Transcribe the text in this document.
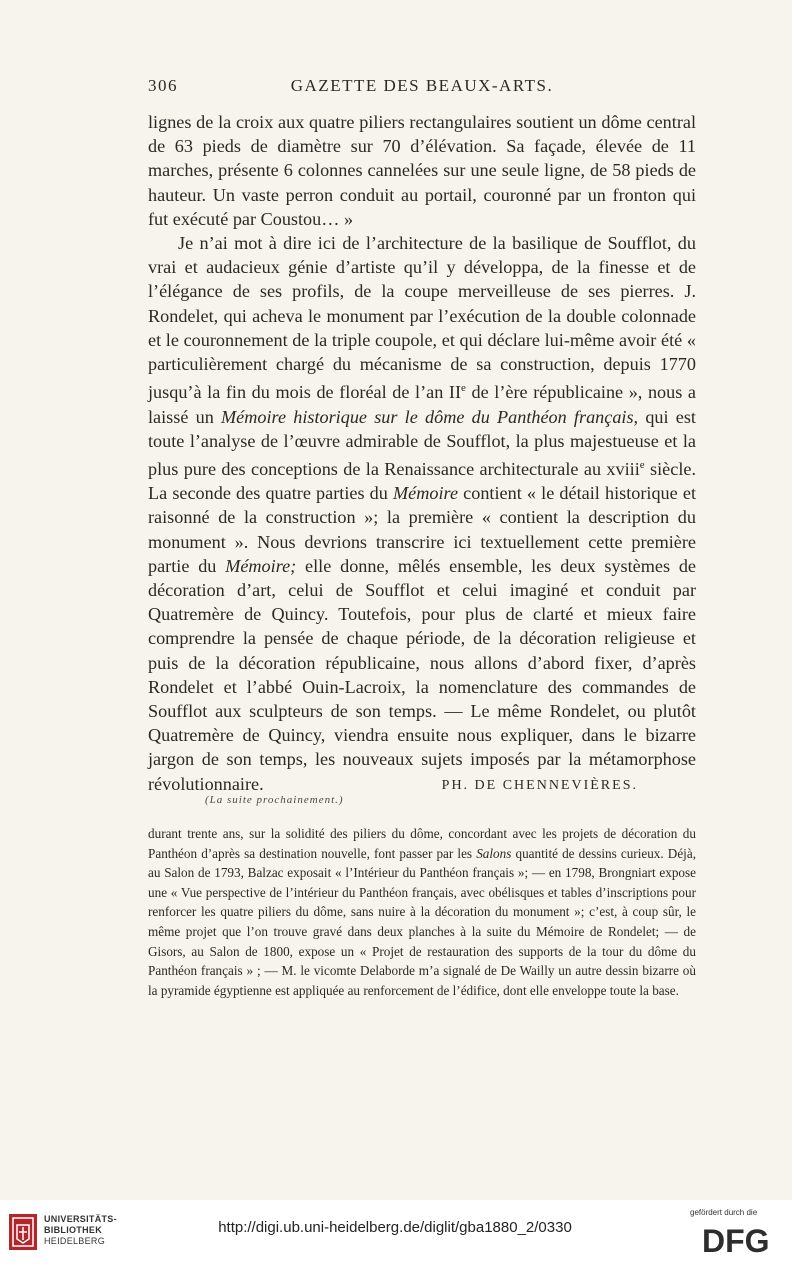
306	GAZETTE DES BEAUX-ARTS.

lignes de la croix aux quatre piliers rectangulaires soutient un dôme central de 63 pieds de diamètre sur 70 d’élévation. Sa façade, élevée de 11 marches, présente 6 colonnes cannelées sur une seule ligne, de 58 pieds de hauteur. Un vaste perron conduit au portail, couronné par un fronton qui fut exécuté par Coustou… »

Je n’ai mot à dire ici de l’architecture de la basilique de Soufflot, du vrai et audacieux génie d’artiste qu’il y développa, de la finesse et de l’élégance de ses profils, de la coupe merveilleuse de ses pierres. J. Rondelet, qui acheva le monument par l’exécution de la double colonnade et le couronnement de la triple coupole, et qui déclare lui-même avoir été « particulièrement chargé du mécanisme de sa construction, depuis 1770 jusqu’à la fin du mois de floréal de l’an IIe de l’ère républicaine », nous a laissé un Mémoire historique sur le dôme du Panthéon français, qui est toute l’analyse de l’œuvre admirable de Soufflot, la plus majestueuse et la plus pure des conceptions de la Renaissance architecturale au xviii$^e$ siècle. La seconde des quatre parties du Mémoire contient « le détail historique et raisonné de la construction »; la première « contient la description du monument ». Nous devrions transcrire ici textuellement cette première partie du Mémoire; elle donne, mêlés ensemble, les deux systèmes de décoration d’art, celui de Soufflot et celui imaginé et conduit par Quatremère de Quincy. Toutefois, pour plus de clarté et mieux faire comprendre la pensée de chaque période, de la décoration religieuse et puis de la décoration républicaine, nous allons d’abord fixer, d’après Rondelet et l’abbé Ouin-Lacroix, la nomenclature des commandes de Soufflot aux sculpteurs de son temps. — Le même Rondelet, ou plutôt Quatremère de Quincy, viendra ensuite nous expliquer, dans le bizarre jargon de son temps, les nouveaux sujets imposés par la métamorphose révolutionnaire.	PH. DE CHENNEVIÈRES.
(La suite prochainement.)

durant trente ans, sur la solidité des piliers du dôme, concordant avec les projets de décoration du Panthéon d’après sa destination nouvelle, font passer par les Salons quantité de dessins curieux. Déjà, au Salon de 1793, Balzac exposait « l’Intérieur du Panthéon français »; — en 1798, Brongniart expose une « Vue perspective de l’intérieur du Panthéon français, avec obélisques et tables d’inscriptions pour renforcer les quatre piliers du dôme, sans nuire à la décoration du monument »; c’est, à coup sûr, le même projet que l’on trouve gravé dans deux planches à la suite du Mémoire de Rondelet; — de Gisors, au Salon de 1800, expose un « Projet de restauration des supports de la tour du dôme du Panthéon français » ; — M. le vicomte Delaborde m’a signalé de De Wailly un autre dessin bizarre où la pyramide égyptienne est appliquée au renforcement de l’édifice, dont elle enveloppe toute la base.

UNIVERSITÄTS-
BIBLIOTHEK
HEIDELBERG
http://digi.ub.uni-heidelberg.de/diglit/gba1880_2/0330
gefördert durch die
DFG
